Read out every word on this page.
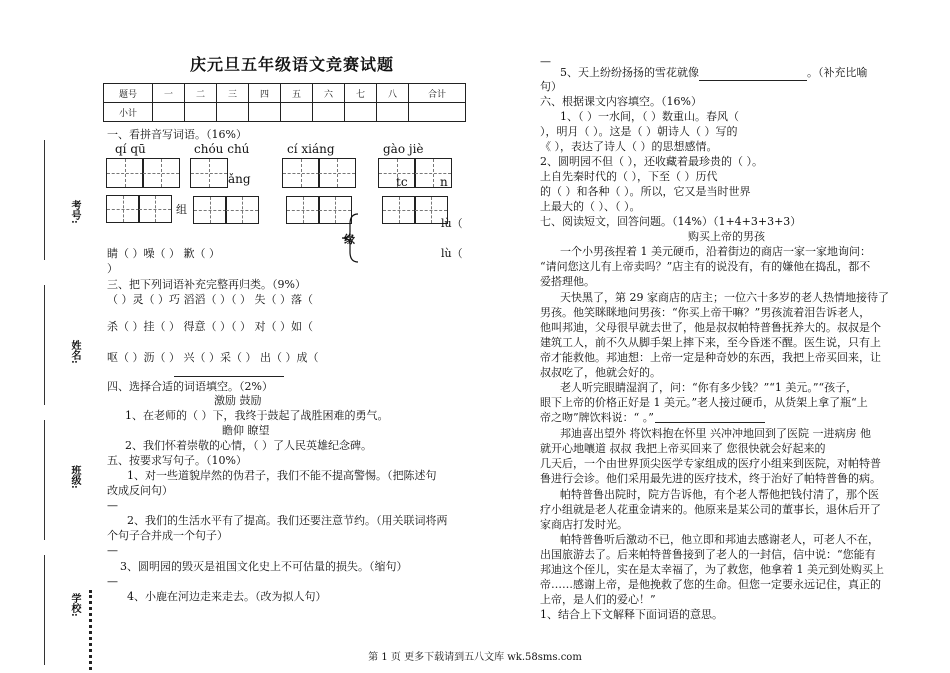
庆元旦五年级语文竞赛试题
题号	一	二	三	四	五	六	七	八	合计
小计									
考号:
姓名:
班级:
学校:
一、看拼音写词语。（16%）
qí qū	chóu chú	cí xiáng	gào jiè
ǎng	tc	n
组
lù（
缘
睛（ ）噪（ ） 歉（ ）	lù（
）
三、把下列词语补充完整再归类。（9%）
（ ）灵（ ）巧 滔滔（ ）（ ） 失（ ）落（
杀（ ）挂（ ） 得意（ ）（ ） 对（ ）如（
呕（ ）沥（ ） 兴（ ）采（ ） 出（ ）成（
四、选择合适的词语填空。（2%）
激励 鼓励
1、在老师的（ ）下，我终于鼓起了战胜困难的勇气。
瞻仰 瞭望
2、我们怀着崇敬的心情，（ ）了人民英雄纪念碑。
五、按要求写句子。（10%）
1、对一些道貌岸然的伪君子，我们不能不提高警惕。（把陈述句
改成反问句）
—
2、我们的生活水平有了提高。我们还要注意节约。（用关联词将两
个句子合并成一个句子）
—
3、圆明园的毁灭是祖国文化史上不可估量的损失。（缩句）
—
4、小鹿在河边走来走去。（改为拟人句）
—
5、天上纷纷扬扬的雪花就像	。（补充比喻
句）
六、根据课文内容填空。（16%）
1、（ ）一水间，（ ）数重山。春风（
），明月（ ）。这是（ ）朝诗人（ ）写的
《 ），表达了诗人（ ）的思想感情。
2、圆明园不但（ ），还收藏着最珍贵的（ ）。
上自先秦时代的（ ），下至（ ）历代
的（ ）和各种（ ）。所以，它又是当时世界
上最大的（ ）、（ ）。
七、阅读短文，回答问题。（14%）（1+4+3+3+3）
购买上帝的男孩
一个小男孩捏着 1 美元硬币，沿着街边的商店一家一家地询问：
“请问您这儿有上帝卖吗？”店主有的说没有，有的嫌他在捣乱，都不
爱搭理他。
天快黑了，第 29 家商店的店主；一位六十多岁的老人热情地接待了
男孩。他笑眯眯地问男孩：“你买上帝干嘛？”男孩流着泪告诉老人，
他叫邦迪，父母很早就去世了，他是叔叔帕特普鲁抚养大的。叔叔是个
建筑工人，前不久从脚手架上摔下来，至今昏迷不醒。医生说，只有上
帝才能救他。邦迪想：上帝一定是种奇妙的东西，我把上帝买回来，让
叔叔吃了，他就会好的。
老人听完眼睛湿润了，问：“你有多少钱？”“1 美元。”“孩子，
眼下上帝的价格正好是 1 美元。”老人接过硬币，从货架上拿了瓶“上
帝之吻”牌饮料说：“ 。”
邦迪喜出望外 将饮料抱在怀里 兴冲冲地回到了医院 一进病房 他
就开心地嚷道 叔叔 我把上帝买回来了 您很快就会好起来的
几天后，一个由世界顶尖医学专家组成的医疗小组来到医院，对帕特普
鲁进行会诊。他们采用最先进的医疗技术，终于治好了帕特普鲁的病。
帕特普鲁出院时，院方告诉他，有个老人帮他把钱付清了，那个医
疗小组就是老人花重金请来的。他原来是某公司的董事长，退休后开了
家商店打发时光。
帕特普鲁听后激动不已，他立即和邦迪去感谢老人，可老人不在，
出国旅游去了。后来帕特普鲁接到了老人的一封信，信中说：“您能有
邦迪这个侄儿，实在是太幸福了，为了救您，他拿着 1 美元到处购买上
帝……感谢上帝，是他挽救了您的生命。但您一定要永远记住，真正的
上帝，是人们的爱心！”
1、结合上下文解释下面词语的意思。
第 1 页 更多下载请到五八文库 wk.58sms.com
